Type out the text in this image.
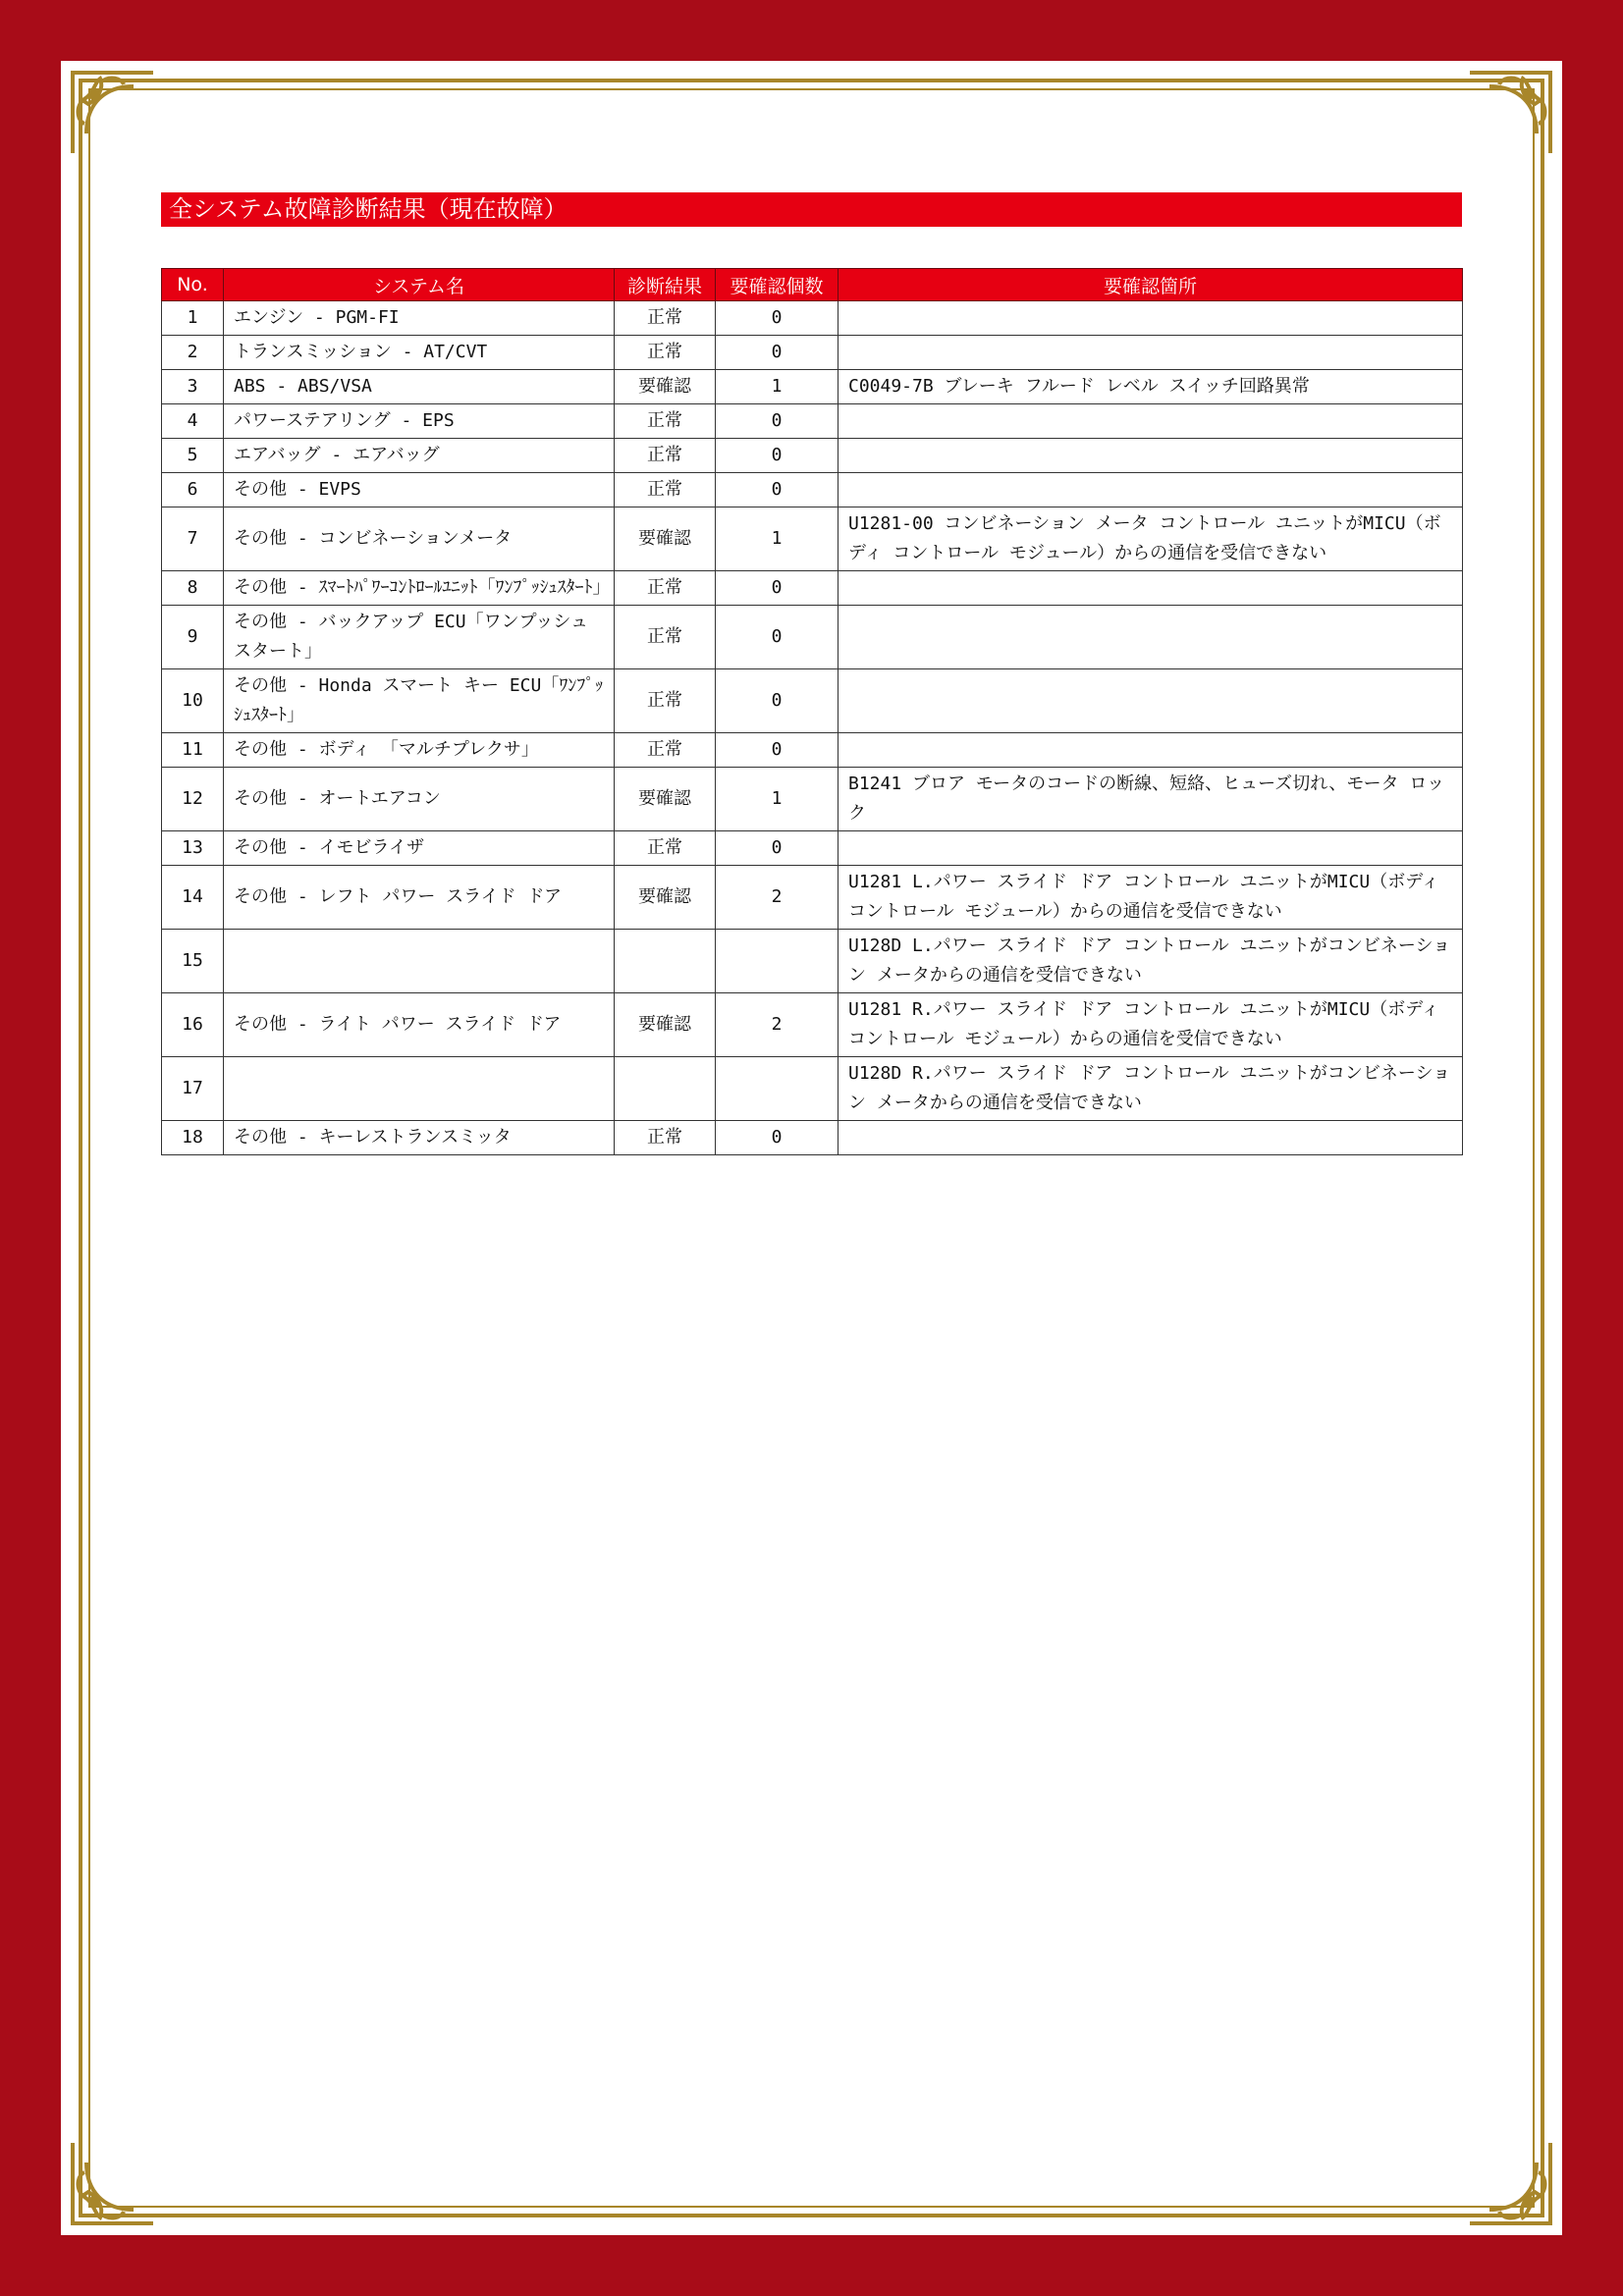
全システム故障診断結果（現在故障）
No.	システム名	診断結果	要確認個数	要確認箇所
1	エンジン - PGM-FI	正常	0	
2	トランスミッション - AT/CVT	正常	0	
3	ABS - ABS/VSA	要確認	1	C0049-7B ブレーキ フルード レベル スイッチ回路異常
4	パワーステアリング - EPS	正常	0	
5	エアバッグ - エアバッグ	正常	0	
6	その他 - EVPS	正常	0	
7	その他 - コンビネーションメータ	要確認	1	U1281-00 コンビネーション メータ コントロール ユニットがMICU（ボディ コントロール モジュール）からの通信を受信できない
8	その他 - ｽﾏｰﾄﾊﾟﾜｰｺﾝﾄﾛｰﾙﾕﾆｯﾄ「ﾜﾝﾌﾟｯｼｭｽﾀｰﾄ」	正常	0	
9	その他 - バックアップ ECU「ワンプッシュスタート」	正常	0	
10	その他 - Honda スマート キー ECU「ﾜﾝﾌﾟｯｼｭｽﾀｰﾄ」	正常	0	
11	その他 - ボディ 「マルチプレクサ」	正常	0	
12	その他 - オートエアコン	要確認	1	B1241 ブロア モータのコードの断線、短絡、ヒューズ切れ、モータ ロック
13	その他 - イモビライザ	正常	0	
14	その他 - レフト パワー スライド ドア	要確認	2	U1281 L.パワー スライド ドア コントロール ユニットがMICU（ボディ コントロール モジュール）からの通信を受信できない
15				U128D L.パワー スライド ドア コントロール ユニットがコンビネーション メータからの通信を受信できない
16	その他 - ライト パワー スライド ドア	要確認	2	U1281 R.パワー スライド ドア コントロール ユニットがMICU（ボディ コントロール モジュール）からの通信を受信できない
17				U128D R.パワー スライド ドア コントロール ユニットがコンビネーション メータからの通信を受信できない
18	その他 - キーレストランスミッタ	正常	0	
